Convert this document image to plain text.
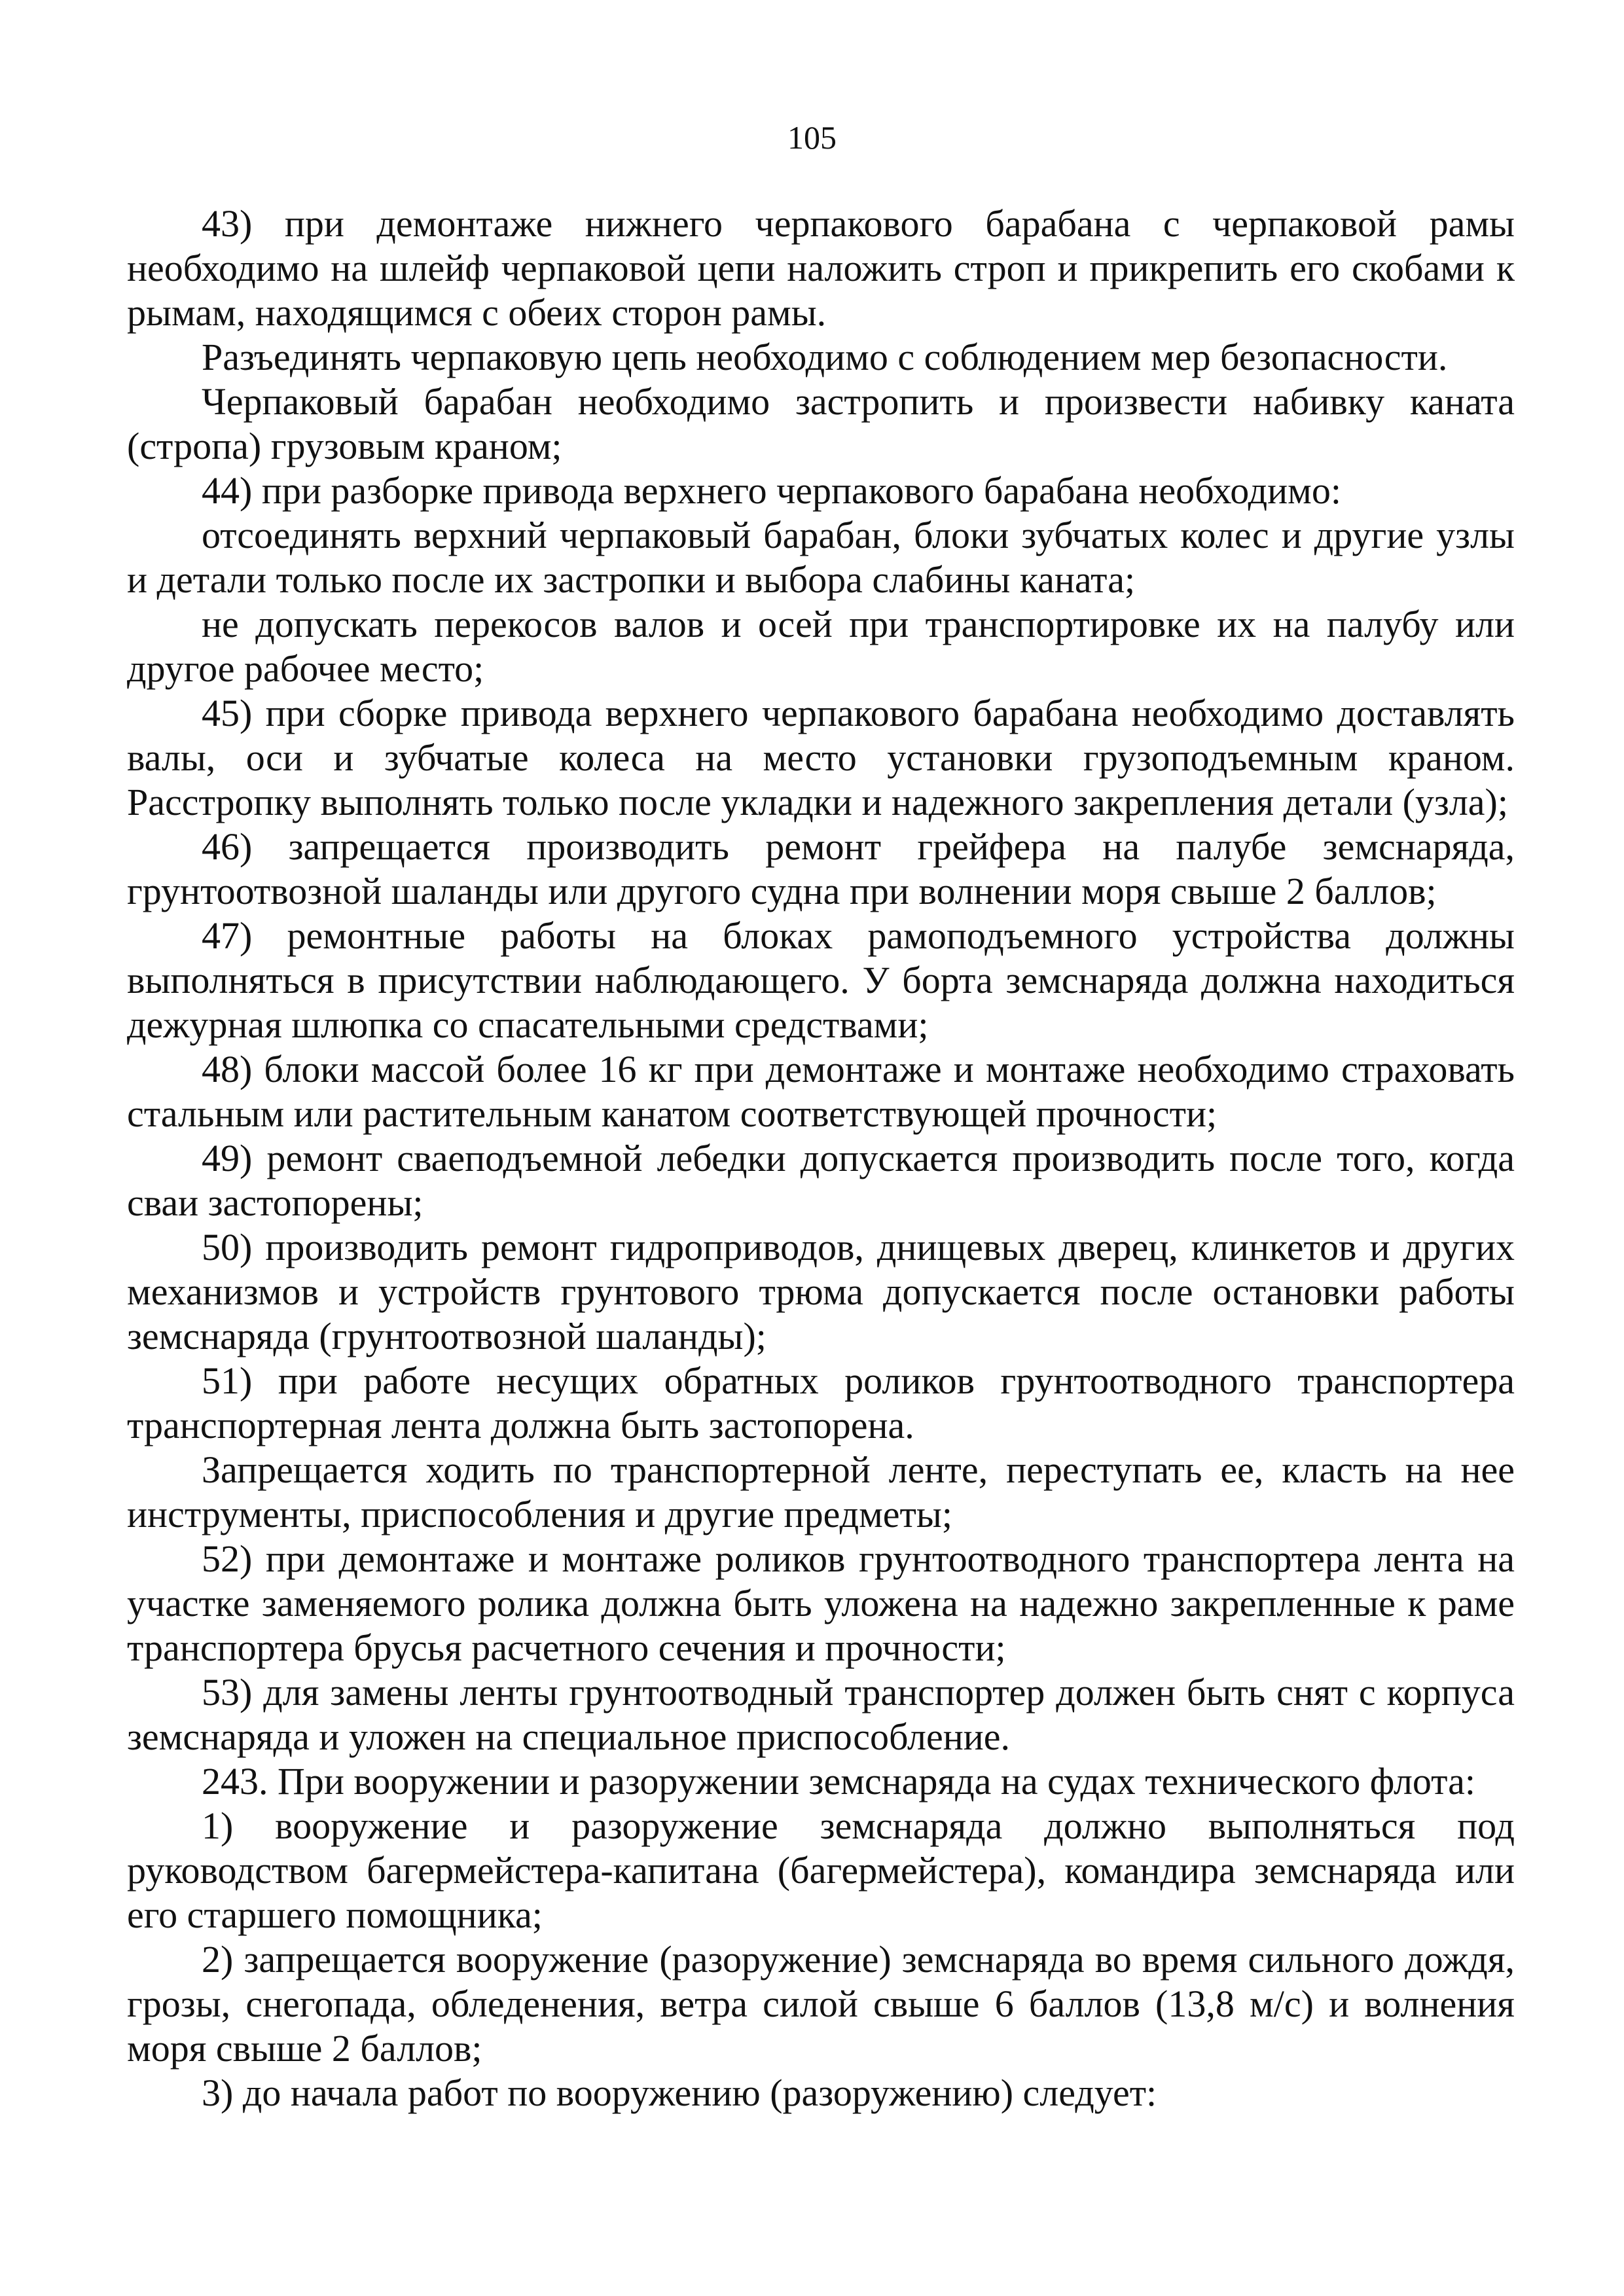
105

43) при демонтаже нижнего черпакового барабана с черпаковой рамы необходимо на шлейф черпаковой цепи наложить строп и прикрепить его скобами к рымам, находящимся с обеих сторон рамы.

Разъединять черпаковую цепь необходимо с соблюдением мер безопасности.

Черпаковый барабан необходимо застропить и произвести набивку каната (стропа) грузовым краном;

44) при разборке привода верхнего черпакового барабана необходимо:

отсоединять верхний черпаковый барабан, блоки зубчатых колес и другие узлы и детали только после их застропки и выбора слабины каната;

не допускать перекосов валов и осей при транспортировке их на палубу или другое рабочее место;

45) при сборке привода верхнего черпакового барабана необходимо доставлять валы, оси и зубчатые колеса на место установки грузоподъемным краном. Расстропку выполнять только после укладки и надежного закрепления детали (узла);

46) запрещается производить ремонт грейфера на палубе земснаряда, грунтоотвозной шаланды или другого судна при волнении моря свыше 2 баллов;

47) ремонтные работы на блоках рамоподъемного устройства должны выполняться в присутствии наблюдающего. У борта земснаряда должна находиться дежурная шлюпка со спасательными средствами;

48) блоки массой более 16 кг при демонтаже и монтаже необходимо страховать стальным или растительным канатом соответствующей прочности;

49) ремонт сваеподъемной лебедки допускается производить после того, когда сваи застопорены;

50) производить ремонт гидроприводов, днищевых дверец, клинкетов и других механизмов и устройств грунтового трюма допускается после остановки работы земснаряда (грунтоотвозной шаланды);

51) при работе несущих обратных роликов грунтоотводного транспортера транспортерная лента должна быть застопорена.

Запрещается ходить по транспортерной ленте, переступать ее, класть на нее инструменты, приспособления и другие предметы;

52) при демонтаже и монтаже роликов грунтоотводного транспортера лента на участке заменяемого ролика должна быть уложена на надежно закрепленные к раме транспортера брусья расчетного сечения и прочности;

53) для замены ленты грунтоотводный транспортер должен быть снят с корпуса земснаряда и уложен на специальное приспособление.

243. При вооружении и разоружении земснаряда на судах технического флота:

1) вооружение и разоружение земснаряда должно выполняться под руководством багермейстера-капитана (багермейстера), командира земснаряда или его старшего помощника;

2) запрещается вооружение (разоружение) земснаряда во время сильного дождя, грозы, снегопада, обледенения, ветра силой свыше 6 баллов (13,8 м/с) и волнения моря свыше 2 баллов;

3) до начала работ по вооружению (разоружению) следует:
